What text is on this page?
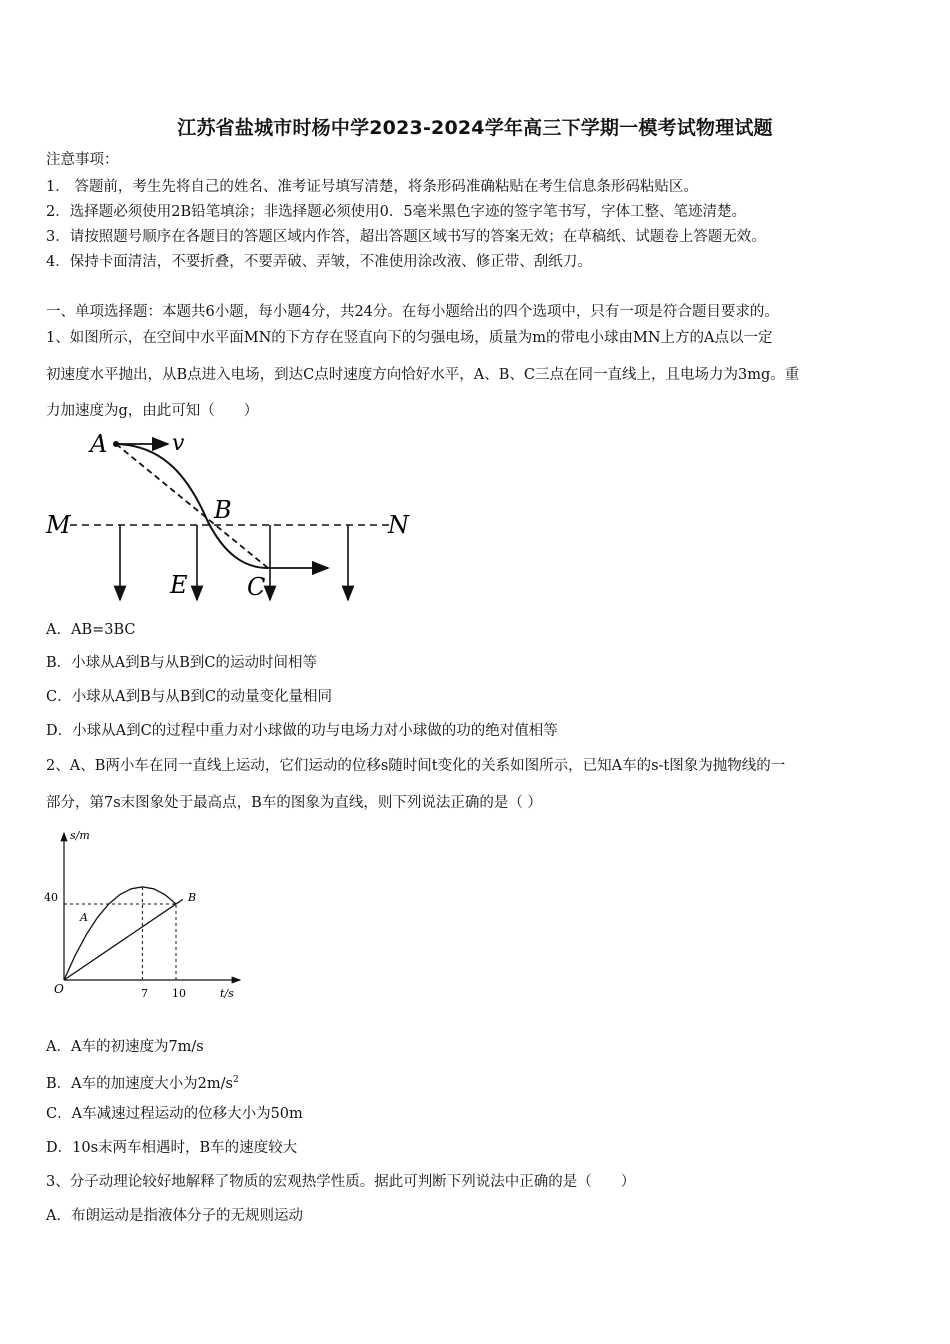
江苏省盐城市时杨中学2023-2024学年高三下学期一模考试物理试题
注意事项：
1． 答题前，考生先将自己的姓名、准考证号填写清楚，将条形码准确粘贴在考生信息条形码粘贴区。
2．选择题必须使用2B铅笔填涂；非选择题必须使用0．5毫米黑色字迹的签字笔书写，字体工整、笔迹清楚。
3．请按照题号顺序在各题目的答题区域内作答，超出答题区域书写的答案无效；在草稿纸、试题卷上答题无效。
4．保持卡面清洁，不要折叠，不要弄破、弄皱，不准使用涂改液、修正带、刮纸刀。
一、单项选择题：本题共6小题，每小题4分，共24分。在每小题给出的四个选项中，只有一项是符合题目要求的。
1、如图所示，在空间中水平面MN的下方存在竖直向下的匀强电场，质量为m的带电小球由MN上方的A点以一定
初速度水平抛出，从B点进入电场，到达C点时速度方向恰好水平，A、B、C三点在同一直线上，且电场力为3mg。重
力加速度为g，由此可知（　　）
A	v
B
M	N
E C
A．AB=3BC
B．小球从A到B与从B到C的运动时间相等
C．小球从A到B与从B到C的动量变化量相同
D．小球从A到C的过程中重力对小球做的功与电场力对小球做的功的绝对值相等
2、A、B两小车在同一直线上运动，它们运动的位移s随时间t变化的关系如图所示，已知A车的s-t图象为抛物线的一
部分，第7s末图象处于最高点，B车的图象为直线，则下列说法正确的是（ ）
s/m
t/s
O
40
7 10
A
B
A．A车的初速度为7m/s
B．A车的加速度大小为$2m/s^2$
C．A车减速过程运动的位移大小为50m
D．10s末两车相遇时，B车的速度较大
3、分子动理论较好地解释了物质的宏观热学性质。据此可判断下列说法中正确的是（　　）
A．布朗运动是指液体分子的无规则运动
